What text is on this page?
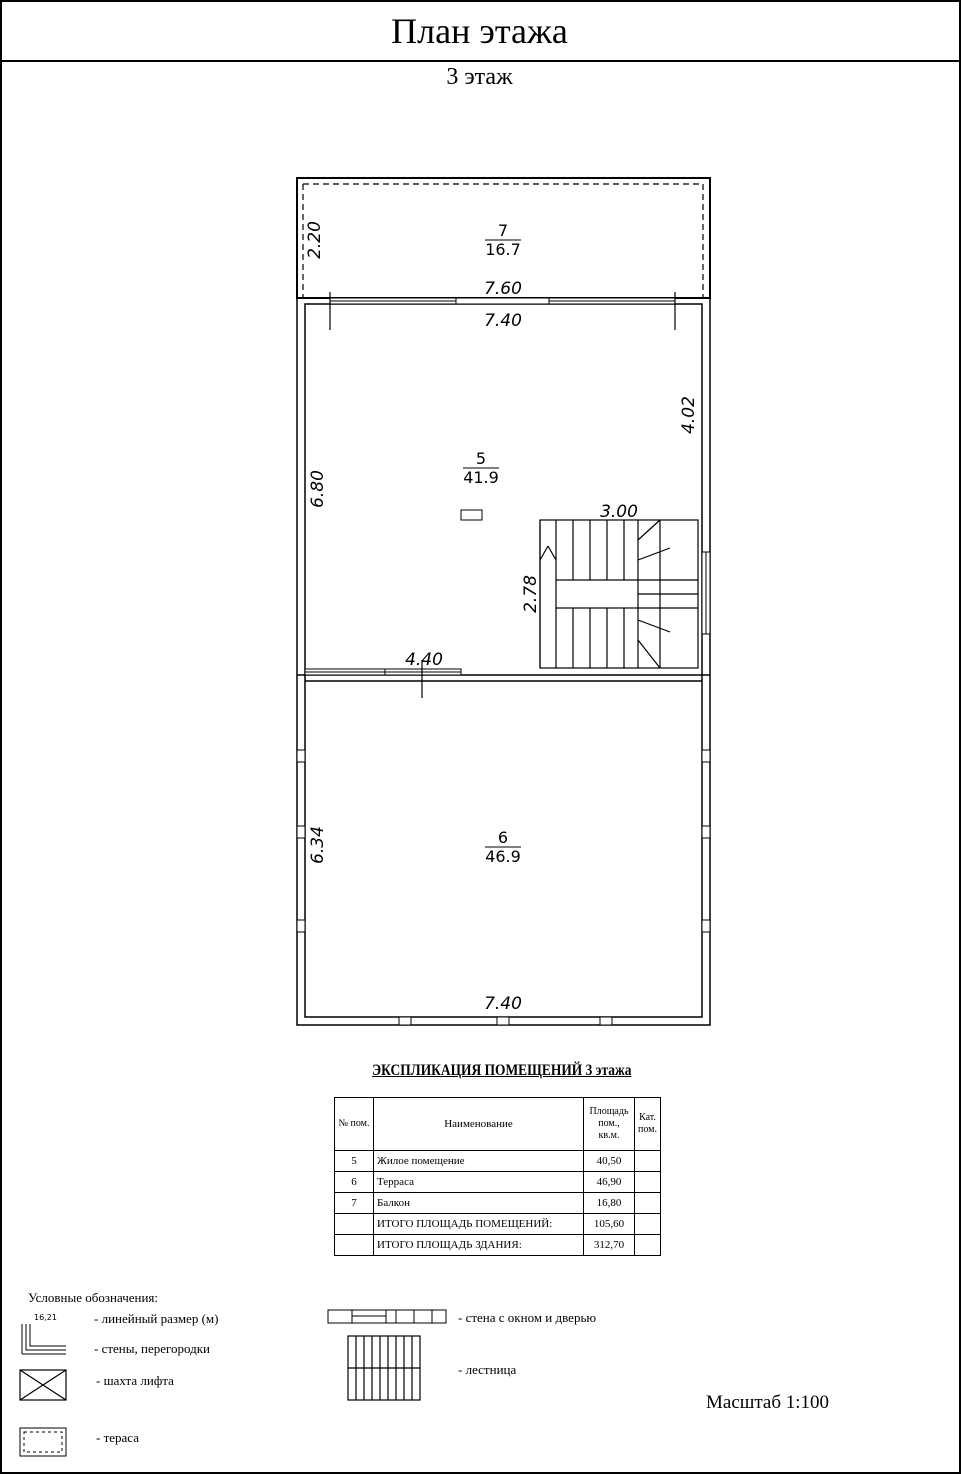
План этажа
3 этаж
7
16.7
5
41.9
6
46.9
2.20
7.60
7.40
4.02
6.80
3.00
2.78
4.40
6.34
7.40
ЭКСПЛИКАЦИЯ ПОМЕЩЕНИЙ 3 этажа
№ пом.	Наименование	Площадь пом., кв.м.	Кат. пом.
5	Жилое помещение	40,50	
6	Терраса	46,90	
7	Балкон	16,80	
	ИТОГО ПЛОЩАДЬ ПОМЕЩЕНИЙ:	105,60	
	ИТОГО ПЛОЩАДЬ ЗДАНИЯ:	312,70	
Условные обозначения:
16,21	- линейный размер (м)
- стены, перегородки
- шахта лифта
- тераса
- стена с окном и дверью
- лестница
Масштаб 1:100
